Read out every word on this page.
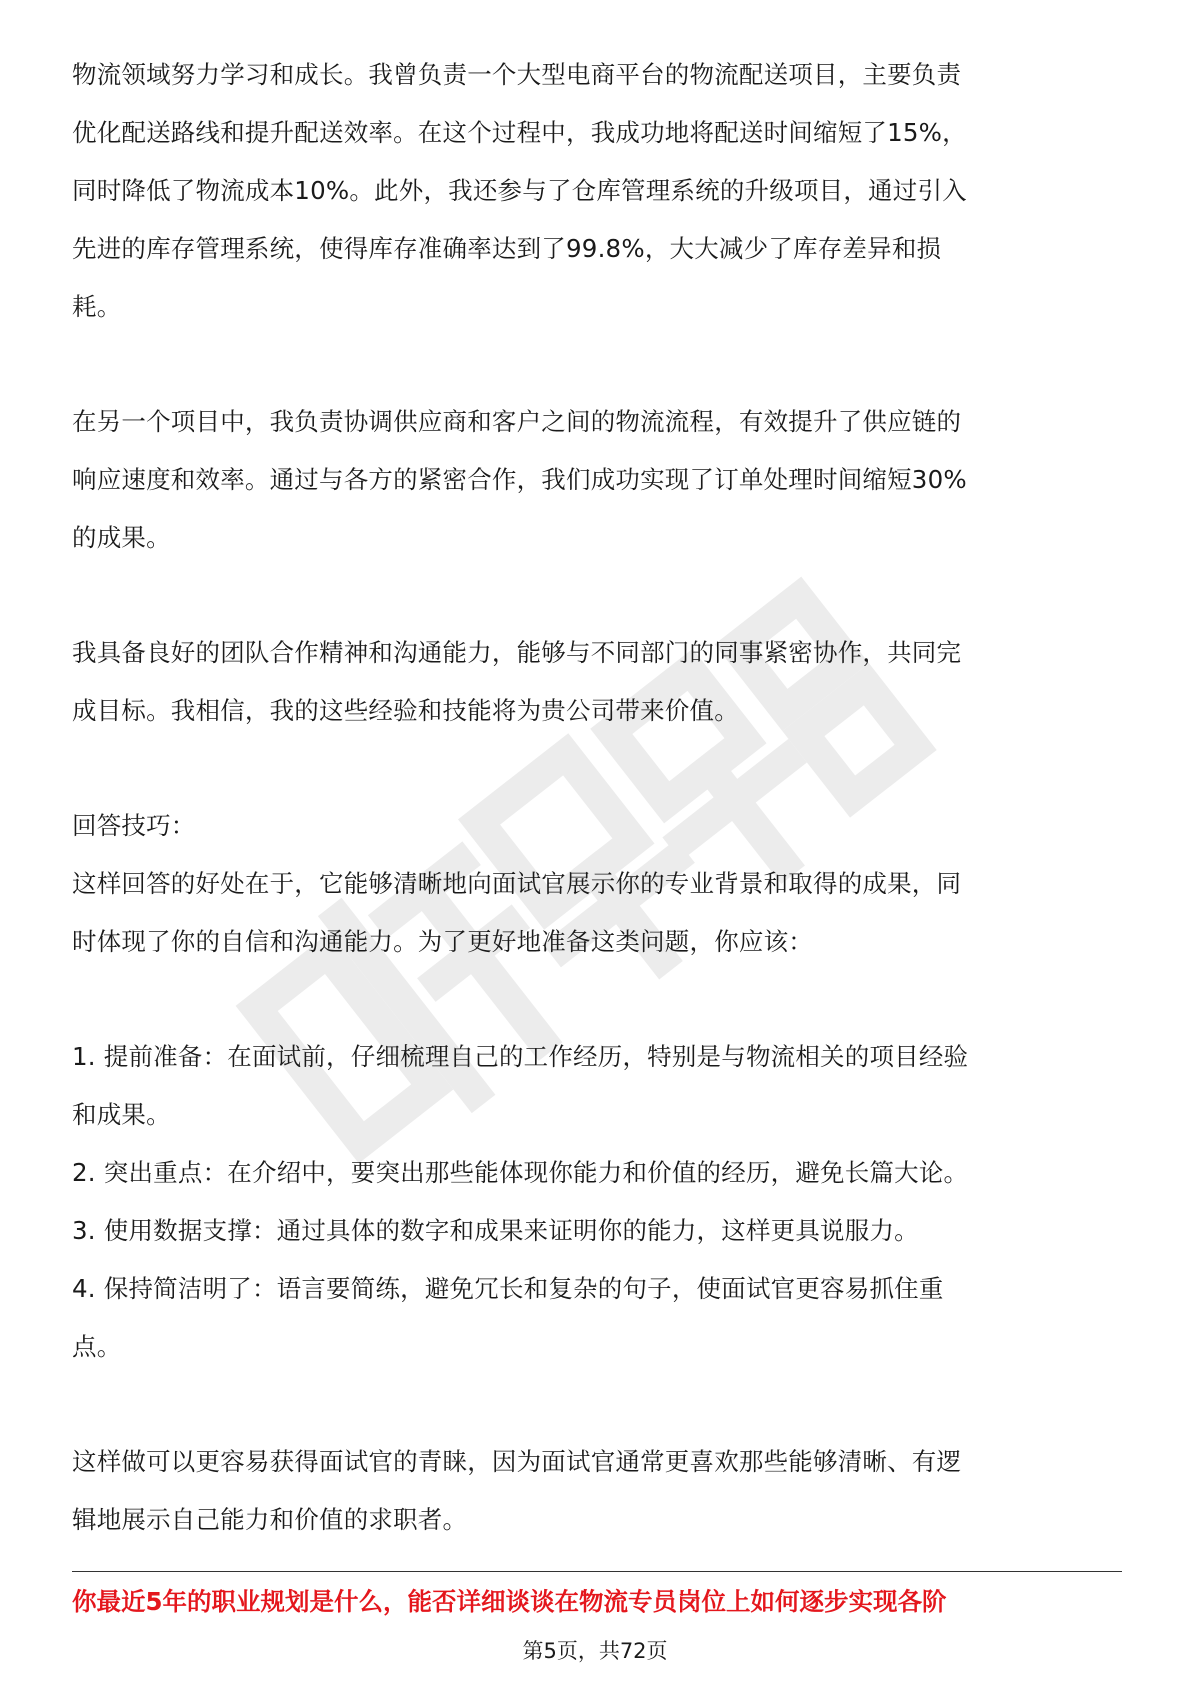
物流领域努力学习和成长。我曾负责一个大型电商平台的物流配送项目，主要负责
优化配送路线和提升配送效率。在这个过程中，我成功地将配送时间缩短了15%，
同时降低了物流成本10%。此外，我还参与了仓库管理系统的升级项目，通过引入
先进的库存管理系统，使得库存准确率达到了99.8%，大大减少了库存差异和损
耗。

在另一个项目中，我负责协调供应商和客户之间的物流流程，有效提升了供应链的
响应速度和效率。通过与各方的紧密合作，我们成功实现了订单处理时间缩短30%
的成果。

我具备良好的团队合作精神和沟通能力，能够与不同部门的同事紧密协作，共同完
成目标。我相信，我的这些经验和技能将为贵公司带来价值。

回答技巧：
这样回答的好处在于，它能够清晰地向面试官展示你的专业背景和取得的成果，同
时体现了你的自信和沟通能力。为了更好地准备这类问题，你应该：

1. 提前准备：在面试前，仔细梳理自己的工作经历，特别是与物流相关的项目经验
和成果。
2. 突出重点：在介绍中，要突出那些能体现你能力和价值的经历，避免长篇大论。
3. 使用数据支撑：通过具体的数字和成果来证明你的能力，这样更具说服力。
4. 保持简洁明了：语言要简练，避免冗长和复杂的句子，使面试官更容易抓住重
点。

这样做可以更容易获得面试官的青睐，因为面试官通常更喜欢那些能够清晰、有逻
辑地展示自己能力和价值的求职者。

你最近5年的职业规划是什么，能否详细谈谈在物流专员岗位上如何逐步实现各阶
第5页，共72页
